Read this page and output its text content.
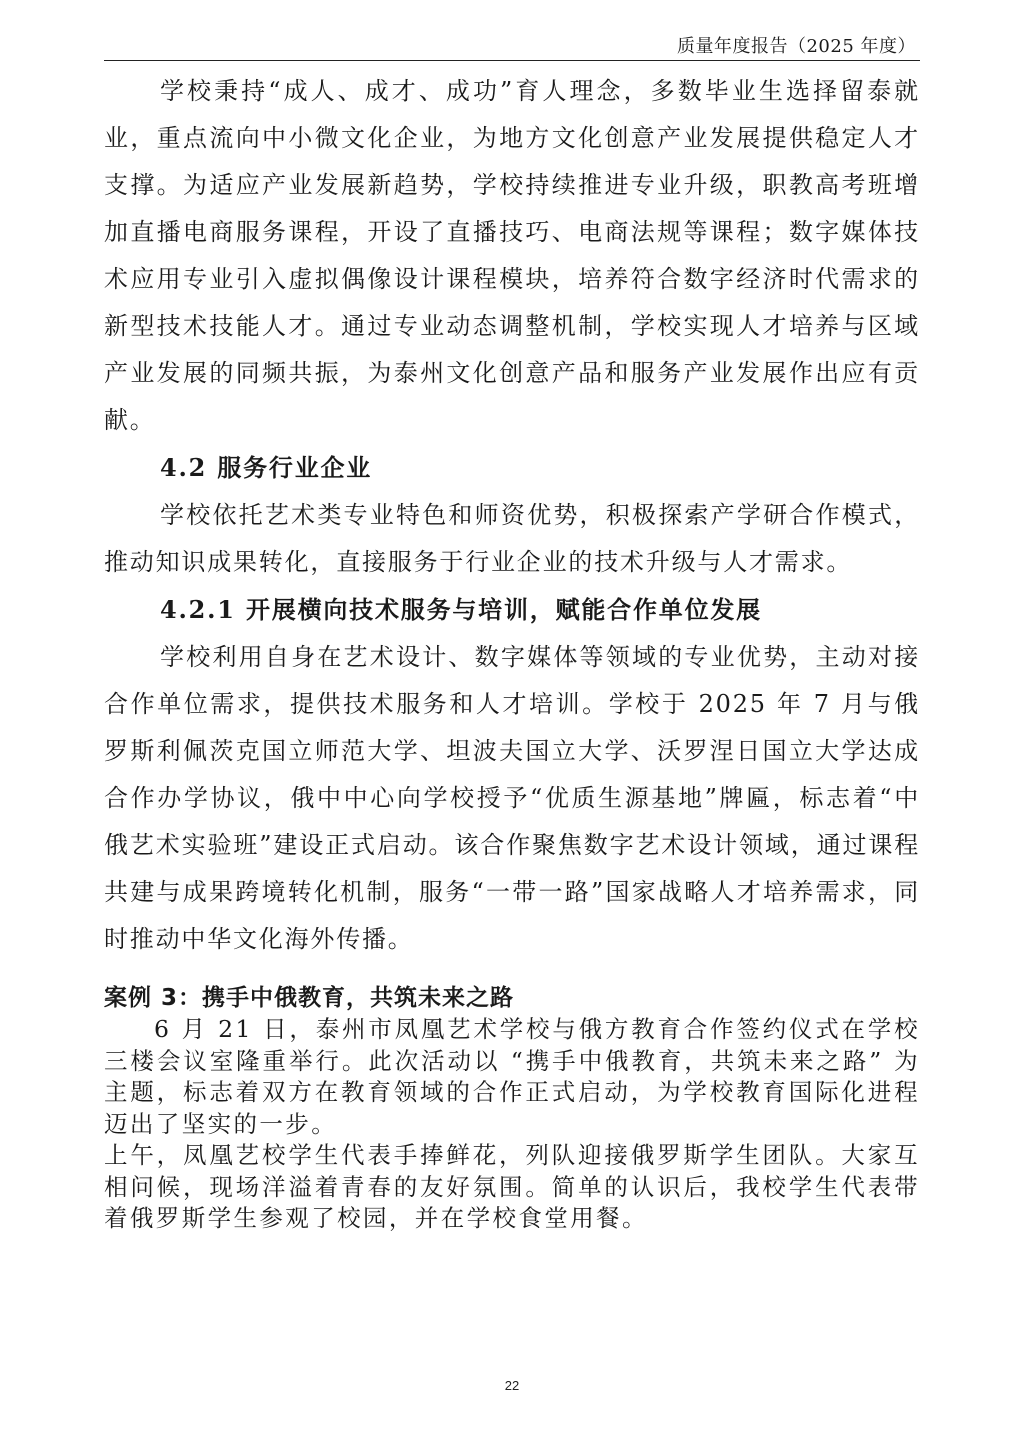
质量年度报告（2025 年度）

学校秉持“成人、成才、成功”育人理念，多数毕业生选择留泰就业，重点流向中小微文化企业，为地方文化创意产业发展提供稳定人才支撑。为适应产业发展新趋势，学校持续推进专业升级，职教高考班增加直播电商服务课程，开设了直播技巧、电商法规等课程；数字媒体技术应用专业引入虚拟偶像设计课程模块，培养符合数字经济时代需求的新型技术技能人才。通过专业动态调整机制，学校实现人才培养与区域产业发展的同频共振，为泰州文化创意产品和服务产业发展作出应有贡献。

4.2 服务行业企业

学校依托艺术类专业特色和师资优势，积极探索产学研合作模式，推动知识成果转化，直接服务于行业企业的技术升级与人才需求。

4.2.1 开展横向技术服务与培训，赋能合作单位发展

学校利用自身在艺术设计、数字媒体等领域的专业优势，主动对接合作单位需求，提供技术服务和人才培训。学校于 2025 年 7 月与俄罗斯利佩茨克国立师范大学、坦波夫国立大学、沃罗涅日国立大学达成合作办学协议，俄中中心向学校授予“优质生源基地”牌匾，标志着“中俄艺术实验班”建设正式启动。该合作聚焦数字艺术设计领域，通过课程共建与成果跨境转化机制，服务“一带一路”国家战略人才培养需求，同时推动中华文化海外传播。

案例 3：携手中俄教育，共筑未来之路

6 月 21 日，泰州市凤凰艺术学校与俄方教育合作签约仪式在学校三楼会议室隆重举行。此次活动以 “携手中俄教育，共筑未来之路” 为主题，标志着双方在教育领域的合作正式启动，为学校教育国际化进程迈出了坚实的一步。

上午，凤凰艺校学生代表手捧鲜花，列队迎接俄罗斯学生团队。大家互相问候，现场洋溢着青春的友好氛围。简单的认识后，我校学生代表带着俄罗斯学生参观了校园，并在学校食堂用餐。

22
